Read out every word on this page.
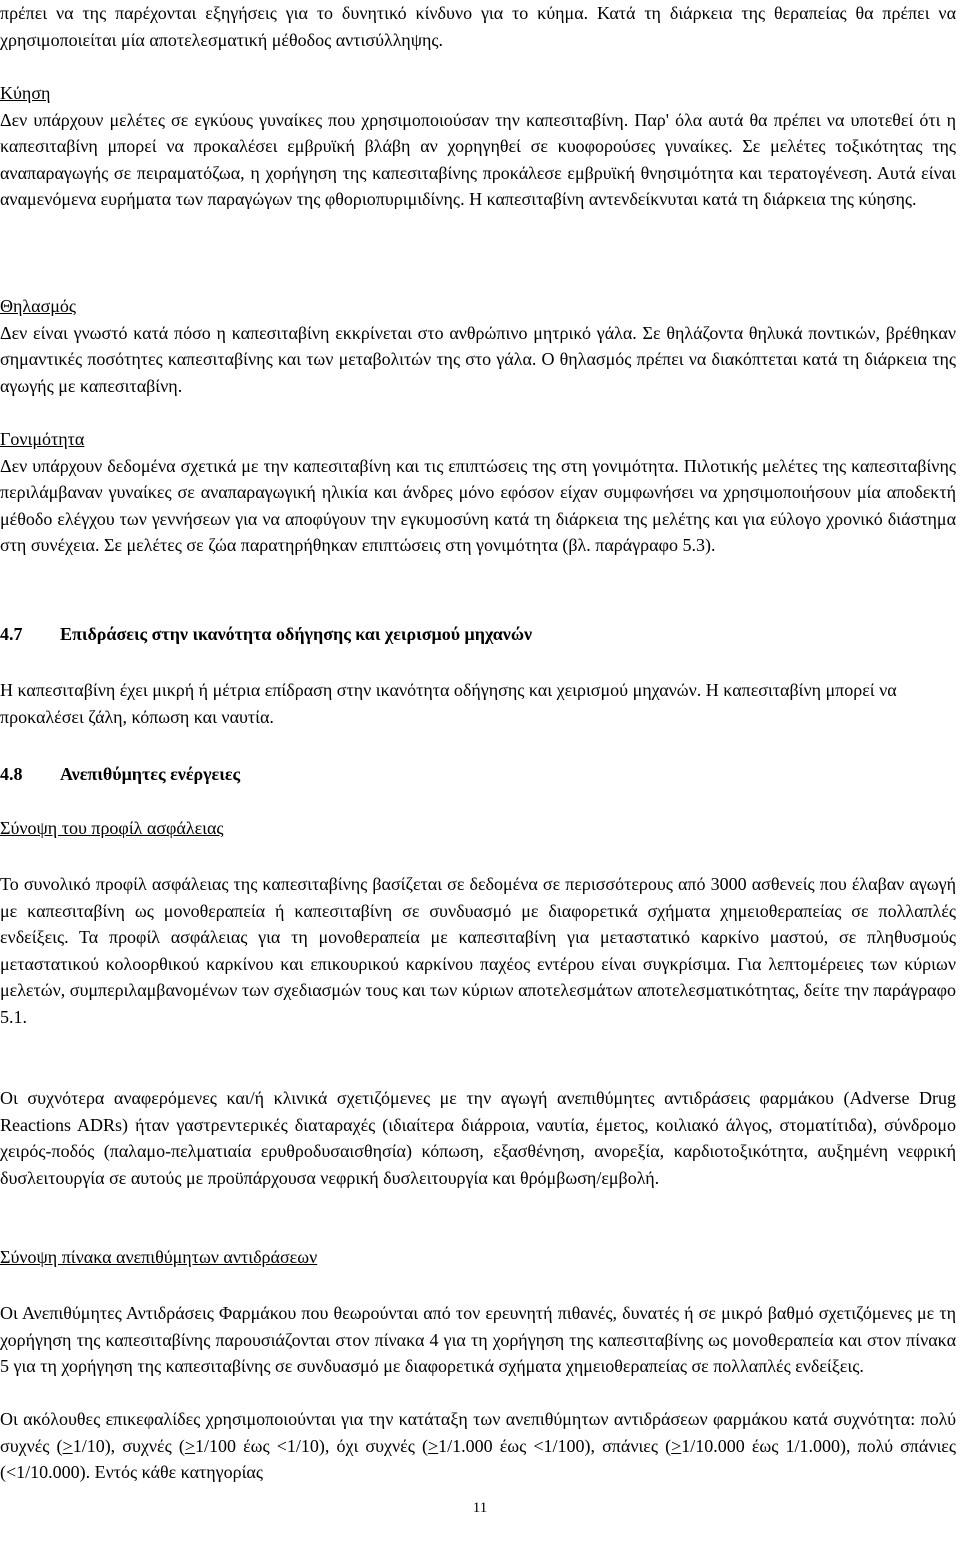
πρέπει να της παρέχονται εξηγήσεις για το δυνητικό κίνδυνο για το κύημα. Κατά τη διάρκεια της θεραπείας θα πρέπει να χρησιμοποιείται μία αποτελεσματική μέθοδος αντισύλληψης.

Κύηση

Δεν υπάρχουν μελέτες σε εγκύους γυναίκες που χρησιμοποιούσαν την καπεσιταβίνη. Παρ' όλα αυτά θα πρέπει να υποτεθεί ότι η καπεσιταβίνη μπορεί να προκαλέσει εμβρυϊκή βλάβη αν χορηγηθεί σε κυοφορούσες γυναίκες. Σε μελέτες τοξικότητας της αναπαραγωγής σε πειραματόζωα, η χορήγηση της καπεσιταβίνης προκάλεσε εμβρυϊκή θνησιμότητα και τερατογένεση. Αυτά είναι αναμενόμενα ευρήματα των παραγώγων της φθοριοπυριμιδίνης. Η καπεσιταβίνη αντενδείκνυται κατά τη διάρκεια της κύησης.

Θηλασμός

Δεν είναι γνωστό κατά πόσο η καπεσιταβίνη εκκρίνεται στο ανθρώπινο μητρικό γάλα. Σε θηλάζοντα θηλυκά ποντικών, βρέθηκαν σημαντικές ποσότητες καπεσιταβίνης και των μεταβολιτών της στο γάλα. Ο θηλασμός πρέπει να διακόπτεται κατά τη διάρκεια της αγωγής με καπεσιταβίνη.

Γονιμότητα

Δεν υπάρχουν δεδομένα σχετικά με την καπεσιταβίνη και τις επιπτώσεις της στη γονιμότητα. Πιλοτικής μελέτες της καπεσιταβίνης περιλάμβαναν γυναίκες σε αναπαραγωγική ηλικία και άνδρες μόνο εφόσον είχαν συμφωνήσει να χρησιμοποιήσουν μία αποδεκτή μέθοδο ελέγχου των γεννήσεων για να αποφύγουν την εγκυμοσύνη κατά τη διάρκεια της μελέτης και για εύλογο χρονικό διάστημα στη συνέχεια. Σε μελέτες σε ζώα παρατηρήθηκαν επιπτώσεις στη γονιμότητα (βλ. παράγραφο 5.3).

4.7 Επιδράσεις στην ικανότητα οδήγησης και χειρισμού μηχανών

Η καπεσιταβίνη έχει μικρή ή μέτρια επίδραση στην ικανότητα οδήγησης και χειρισμού μηχανών. Η καπεσιταβίνη μπορεί να προκαλέσει ζάλη, κόπωση και ναυτία.

4.8 Ανεπιθύμητες ενέργειες
Σύνοψη του προφίλ ασφάλειας

Το συνολικό προφίλ ασφάλειας της καπεσιταβίνης βασίζεται σε δεδομένα σε περισσότερους από 3000 ασθενείς που έλαβαν αγωγή με καπεσιταβίνη ως μονοθεραπεία ή καπεσιταβίνη σε συνδυασμό με διαφορετικά σχήματα χημειοθεραπείας σε πολλαπλές ενδείξεις. Τα προφίλ ασφάλειας για τη μονοθεραπεία με καπεσιταβίνη για μεταστατικό καρκίνο μαστού, σε πληθυσμούς μεταστατικού κολοορθικού καρκίνου και επικουρικού καρκίνου παχέος εντέρου είναι συγκρίσιμα. Για λεπτομέρειες των κύριων μελετών, συμπεριλαμβανομένων των σχεδιασμών τους και των κύριων αποτελεσμάτων αποτελεσματικότητας, δείτε την παράγραφο 5.1.

Οι συχνότερα αναφερόμενες και/ή κλινικά σχετιζόμενες με την αγωγή ανεπιθύμητες αντιδράσεις φαρμάκου (Adverse Drug Reactions ADRs) ήταν γαστρεντερικές διαταραχές (ιδιαίτερα διάρροια, ναυτία, έμετος, κοιλιακό άλγος, στοματίτιδα), σύνδρομο χειρός-ποδός (παλαμο-πελματιαία ερυθροδυσαισθησία) κόπωση, εξασθένηση, ανορεξία, καρδιοτοξικότητα, αυξημένη νεφρική δυσλειτουργία σε αυτούς με προϋπάρχουσα νεφρική δυσλειτουργία και θρόμβωση/εμβολή.

Σύνοψη πίνακα ανεπιθύμητων αντιδράσεων

Οι Ανεπιθύμητες Αντιδράσεις Φαρμάκου που θεωρούνται από τον ερευνητή πιθανές, δυνατές ή σε μικρό βαθμό σχετιζόμενες με τη χορήγηση της καπεσιταβίνης παρουσιάζονται στον πίνακα 4 για τη χορήγηση της καπεσιταβίνης ως μονοθεραπεία και στον πίνακα 5 για τη χορήγηση της καπεσιταβίνης σε συνδυασμό με διαφορετικά σχήματα χημειοθεραπείας σε πολλαπλές ενδείξεις.

Οι ακόλουθες επικεφαλίδες χρησιμοποιούνται για την κατάταξη των ανεπιθύμητων αντιδράσεων φαρμάκου κατά συχνότητα: πολύ συχνές (≥1/10), συχνές (≥1/100 έως <1/10), όχι συχνές (≥1/1.000 έως <1/100), σπάνιες (≥1/10.000 έως 1/1.000), πολύ σπάνιες (<1/10.000). Εντός κάθε κατηγορίας

11
